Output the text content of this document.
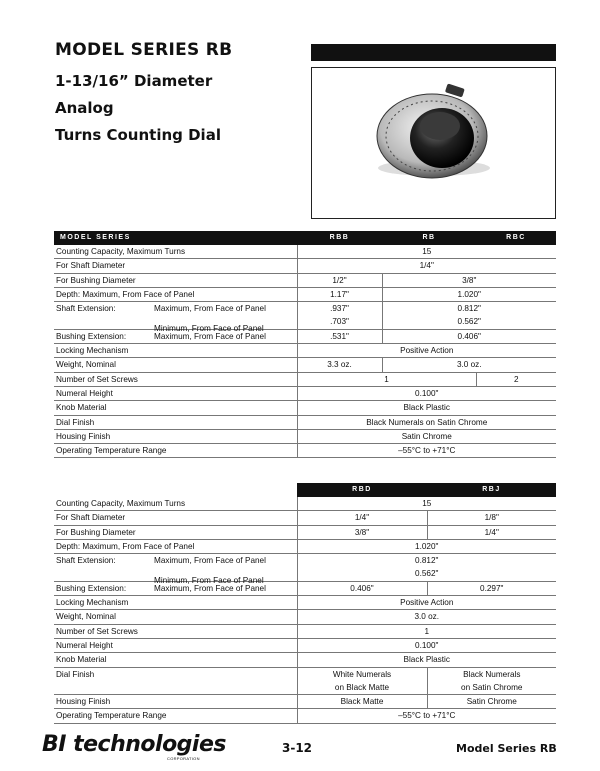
MODEL SERIES RB
1-13/16” Diameter
Analog
Turns Counting Dial
MODEL SERIES	RBB	RB	RBC
Counting Capacity, Maximum Turns	15		
For Shaft Diameter	1/4"		
For Bushing Diameter	1/2"	3/8"	
Depth: Maximum, From Face of Panel	1.17"	1.020"	
Shaft Extension: Maximum, From Face of Panel	.937"	0.812"	

Minimum, From Face of Panel	.703"	0.562"	
Bushing Extension: Maximum, From Face of Panel	.531"	0.406"	
Locking Mechanism	Positive Action		
Weight, Nominal	3.3 oz.	3.0 oz.	
Number of Set Screws	1		2
Numeral Height	0.100"		
Knob Material	Black Plastic		
Dial Finish	Black Numerals on Satin Chrome		
Housing Finish	Satin Chrome		
Operating Temperature Range	–55°C to +71°C		
	RBD	RBJ
Counting Capacity, Maximum Turns	15	
For Shaft Diameter	1/4"	1/8"
For Bushing Diameter	3/8"	1/4"
Depth: Maximum, From Face of Panel	1.020"	
Shaft Extension: Maximum, From Face of Panel	0.812"	

Minimum, From Face of Panel	0.562"	
Bushing Extension: Maximum, From Face of Panel	0.406"	0.297"
Locking Mechanism	Positive Action	
Weight, Nominal	3.0 oz.	
Number of Set Screws	1	
Numeral Height	0.100"	
Knob Material	Black Plastic	
Dial Finish	White Numerals	Black Numerals
	on Black Matte	on Satin Chrome
Housing Finish	Black Matte	Satin Chrome
Operating Temperature Range	–55°C to +71°C	
BI technologies
CORPORATION
3-12	Model Series RB
